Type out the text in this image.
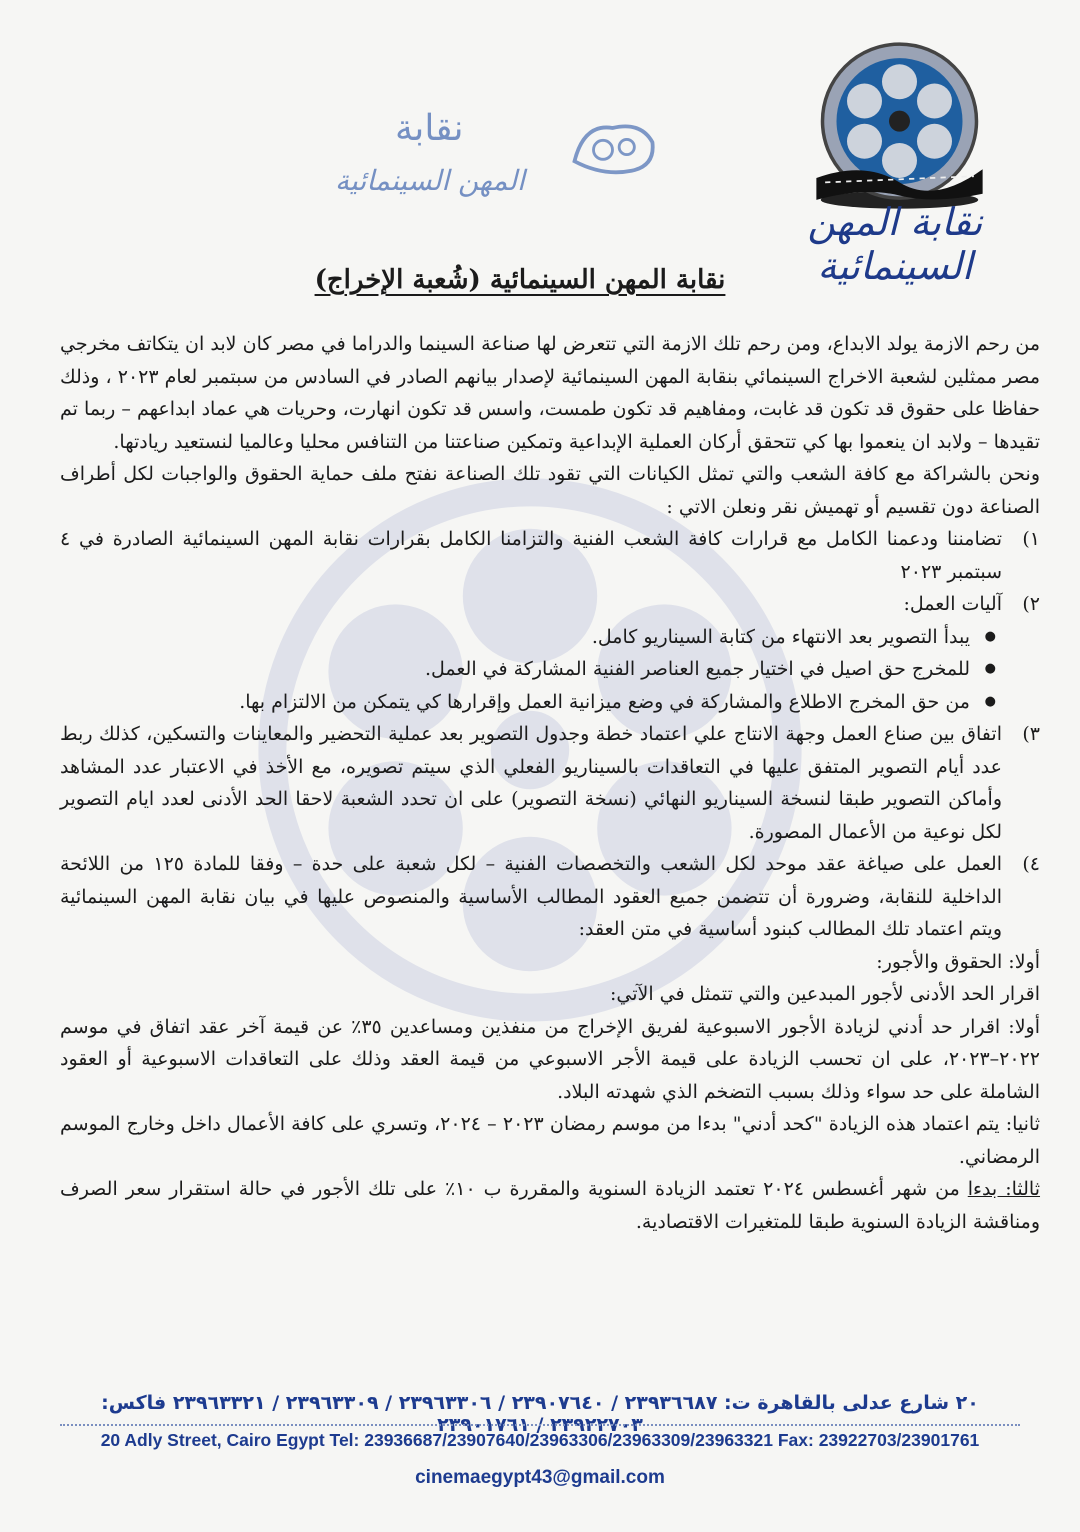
نقابة المهن السينمائية
نقابة
المهن السينمائية
نقابة المهن السينمائية (شُعبة الإخراج)

من رحم الازمة يولد الابداع، ومن رحم تلك الازمة التي تتعرض لها صناعة السينما والدراما في مصر كان لابد ان يتكاتف مخرجي مصر ممثلين لشعبة الاخراج السينمائي بنقابة المهن السينمائية لإصدار بيانهم الصادر في السادس من سبتمبر لعام ٢٠٢٣ ، وذلك حفاظا على حقوق قد تكون قد غابت، ومفاهيم قد تكون طمست، واسس قد تكون انهارت، وحريات هي عماد ابداعهم – ربما تم تقيدها – ولابد ان ينعموا بها كي تتحقق أركان العملية الإبداعية وتمكين صناعتنا من التنافس محليا وعالميا لنستعيد ريادتها.

ونحن بالشراكة مع كافة الشعب والتي تمثل الكيانات التي تقود تلك الصناعة نفتح ملف حماية الحقوق والواجبات لكل أطراف الصناعة دون تقسيم أو تهميش نقر ونعلن الاتي :

١)
تضامننا ودعمنا الكامل مع قرارات كافة الشعب الفنية والتزامنا الكامل بقرارات نقابة المهن السينمائية الصادرة في ٤ سبتمبر ٢٠٢٣
٢)
آليات العمل:
● يبدأ التصوير بعد الانتهاء من كتابة السيناريو كامل.
● للمخرج حق اصيل في اختيار جميع العناصر الفنية المشاركة في العمل.
● من حق المخرج الاطلاع والمشاركة في وضع ميزانية العمل وإقرارها كي يتمكن من الالتزام بها.
٣)
اتفاق بين صناع العمل وجهة الانتاج علي اعتماد خطة وجدول التصوير بعد عملية التحضير والمعاينات والتسكين، كذلك ربط عدد أيام التصوير المتفق عليها في التعاقدات بالسيناريو الفعلي الذي سيتم تصويره، مع الأخذ في الاعتبار عدد المشاهد وأماكن التصوير طبقا لنسخة السيناريو النهائي (نسخة التصوير) على ان تحدد الشعبة لاحقا الحد الأدنى لعدد ايام التصوير لكل نوعية من الأعمال المصورة.
٤)
العمل على صياغة عقد موحد لكل الشعب والتخصصات الفنية – لكل شعبة على حدة – وفقا للمادة ١٢٥ من اللائحة الداخلية للنقابة، وضرورة أن تتضمن جميع العقود المطالب الأساسية والمنصوص عليها في بيان نقابة المهن السينمائية ويتم اعتماد تلك المطالب كبنود أساسية في متن العقد:

أولا: الحقوق والأجور:

اقرار الحد الأدنى لأجور المبدعين والتي تتمثل في الآتي:

أولا: اقرار حد أدني لزيادة الأجور الاسبوعية لفريق الإخراج من منفذين ومساعدين ٣٥٪ عن قيمة آخر عقد اتفاق في موسم ٢٠٢٢–٢٠٢٣، على ان تحسب الزيادة على قيمة الأجر الاسبوعي من قيمة العقد وذلك على التعاقدات الاسبوعية أو العقود الشاملة على حد سواء وذلك بسبب التضخم الذي شهدته البلاد.

ثانيا: يتم اعتماد هذه الزيادة "كحد أدني" بدءا من موسم رمضان ٢٠٢٣ – ٢٠٢٤، وتسري على كافة الأعمال داخل وخارج الموسم الرمضاني.

ثالثا: بدءا من شهر أغسطس ٢٠٢٤ تعتمد الزيادة السنوية والمقررة ب ١٠٪ على تلك الأجور في حالة استقرار سعر الصرف ومناقشة الزيادة السنوية طبقا للمتغيرات الاقتصادية.

٢٠ شارع عدلى بالقاهرة ت: ٢٣٩٣٦٦٨٧ / ٢٣٩٠٧٦٤٠ / ٢٣٩٦٣٣٠٦ / ٢٣٩٦٣٣٠٩ / ٢٣٩٦٣٣٢١ فاكس: ٢٣٩٢٢٧٠٣ / ٢٣٩٠١٧٦١
20 Adly Street, Cairo Egypt Tel: 23936687/23907640/23963306/23963309/23963321 Fax: 23922703/23901761
cinemaegypt43@gmail.com
